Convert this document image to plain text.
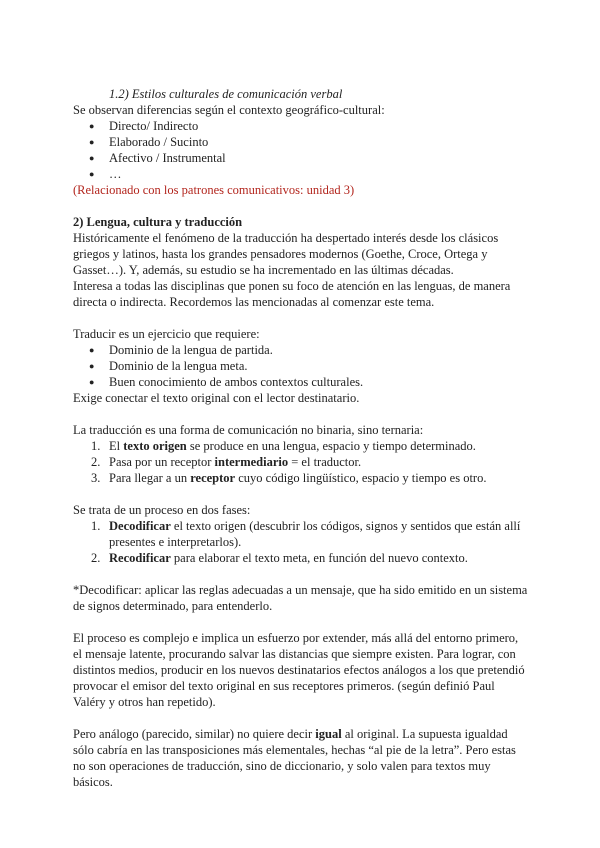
1.2) Estilos culturales de comunicación verbal

Se observan diferencias según el contexto geográfico-cultural:

● Directo/ Indirecto
● Elaborado / Sucinto
● Afectivo / Instrumental
● …

(Relacionado con los patrones comunicativos: unidad 3)

2) Lengua, cultura y traducción

Históricamente el fenómeno de la traducción ha despertado interés desde los clásicos griegos y latinos, hasta los grandes pensadores modernos (Goethe, Croce, Ortega y Gasset…). Y, además, su estudio se ha incrementado en las últimas décadas.

Interesa a todas las disciplinas que ponen su foco de atención en las lenguas, de manera directa o indirecta. Recordemos las mencionadas al comenzar este tema.

Traducir es un ejercicio que requiere:

● Dominio de la lengua de partida.
● Dominio de la lengua meta.
● Buen conocimiento de ambos contextos culturales.

Exige conectar el texto original con el lector destinatario.

La traducción es una forma de comunicación no binaria, sino ternaria:

1. El texto origen se produce en una lengua, espacio y tiempo determinado.
2. Pasa por un receptor intermediario = el traductor.
3. Para llegar a un receptor cuyo código lingüístico, espacio y tiempo es otro.

Se trata de un proceso en dos fases:

1. Decodificar el texto origen (descubrir los códigos, signos y sentidos que están allí presentes e interpretarlos).
2. Recodificar para elaborar el texto meta, en función del nuevo contexto.

*Decodificar: aplicar las reglas adecuadas a un mensaje, que ha sido emitido en un sistema de signos determinado, para entenderlo.

El proceso es complejo e implica un esfuerzo por extender, más allá del entorno primero, el mensaje latente, procurando salvar las distancias que siempre existen. Para lograr, con distintos medios, producir en los nuevos destinatarios efectos análogos a los que pretendió provocar el emisor del texto original en sus receptores primeros. (según definió Paul Valéry y otros han repetido).

Pero análogo (parecido, similar) no quiere decir igual al original. La supuesta igualdad sólo cabría en las transposiciones más elementales, hechas “al pie de la letra”. Pero estas no son operaciones de traducción, sino de diccionario, y solo valen para textos muy básicos.
